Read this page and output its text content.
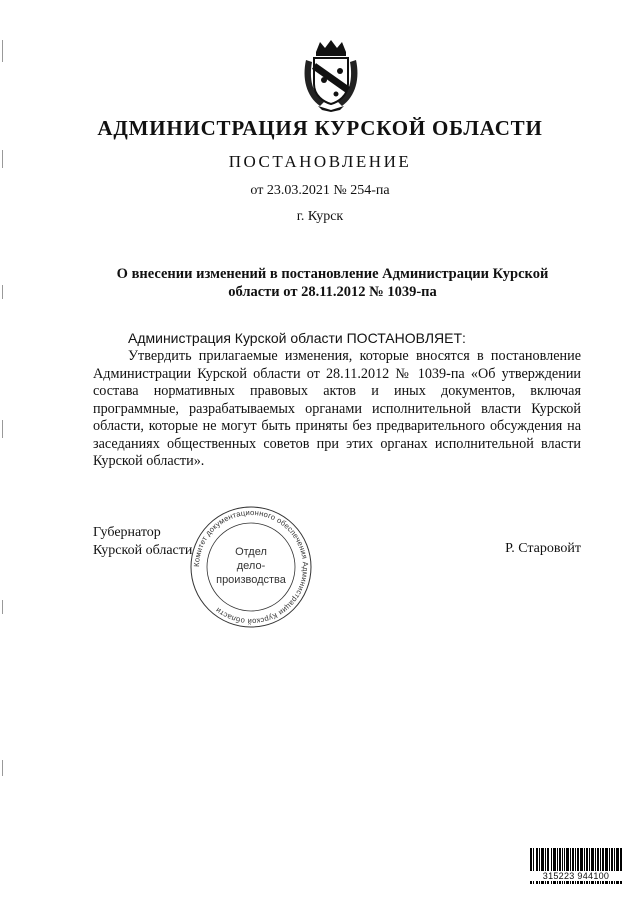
АДМИНИСТРАЦИЯ КУРСКОЙ ОБЛАСТИ
ПОСТАНОВЛЕНИЕ
от 23.03.2021 № 254-па
г. Курск
О внесении изменений в постановление Администрации Курской области от 28.11.2012 № 1039-па
Администрация Курской области ПОСТАНОВЛЯЕТ:
Утвердить прилагаемые изменения, которые вносятся в постановление Администрации Курской области от 28.11.2012 № 1039-па «Об утверждении состава нормативных правовых актов и иных документов, включая программные, разрабатываемых органами исполнительной власти Курской области, которые не могут быть приняты без предварительного обсуждения на заседаниях общественных советов при этих органах исполнительной власти Курской области».
Губернатор
Курской области	Р. Старовойт
Комитет документационного обеспечения Администрации Курской области
Отдел
дело-
производства
315223 944100
